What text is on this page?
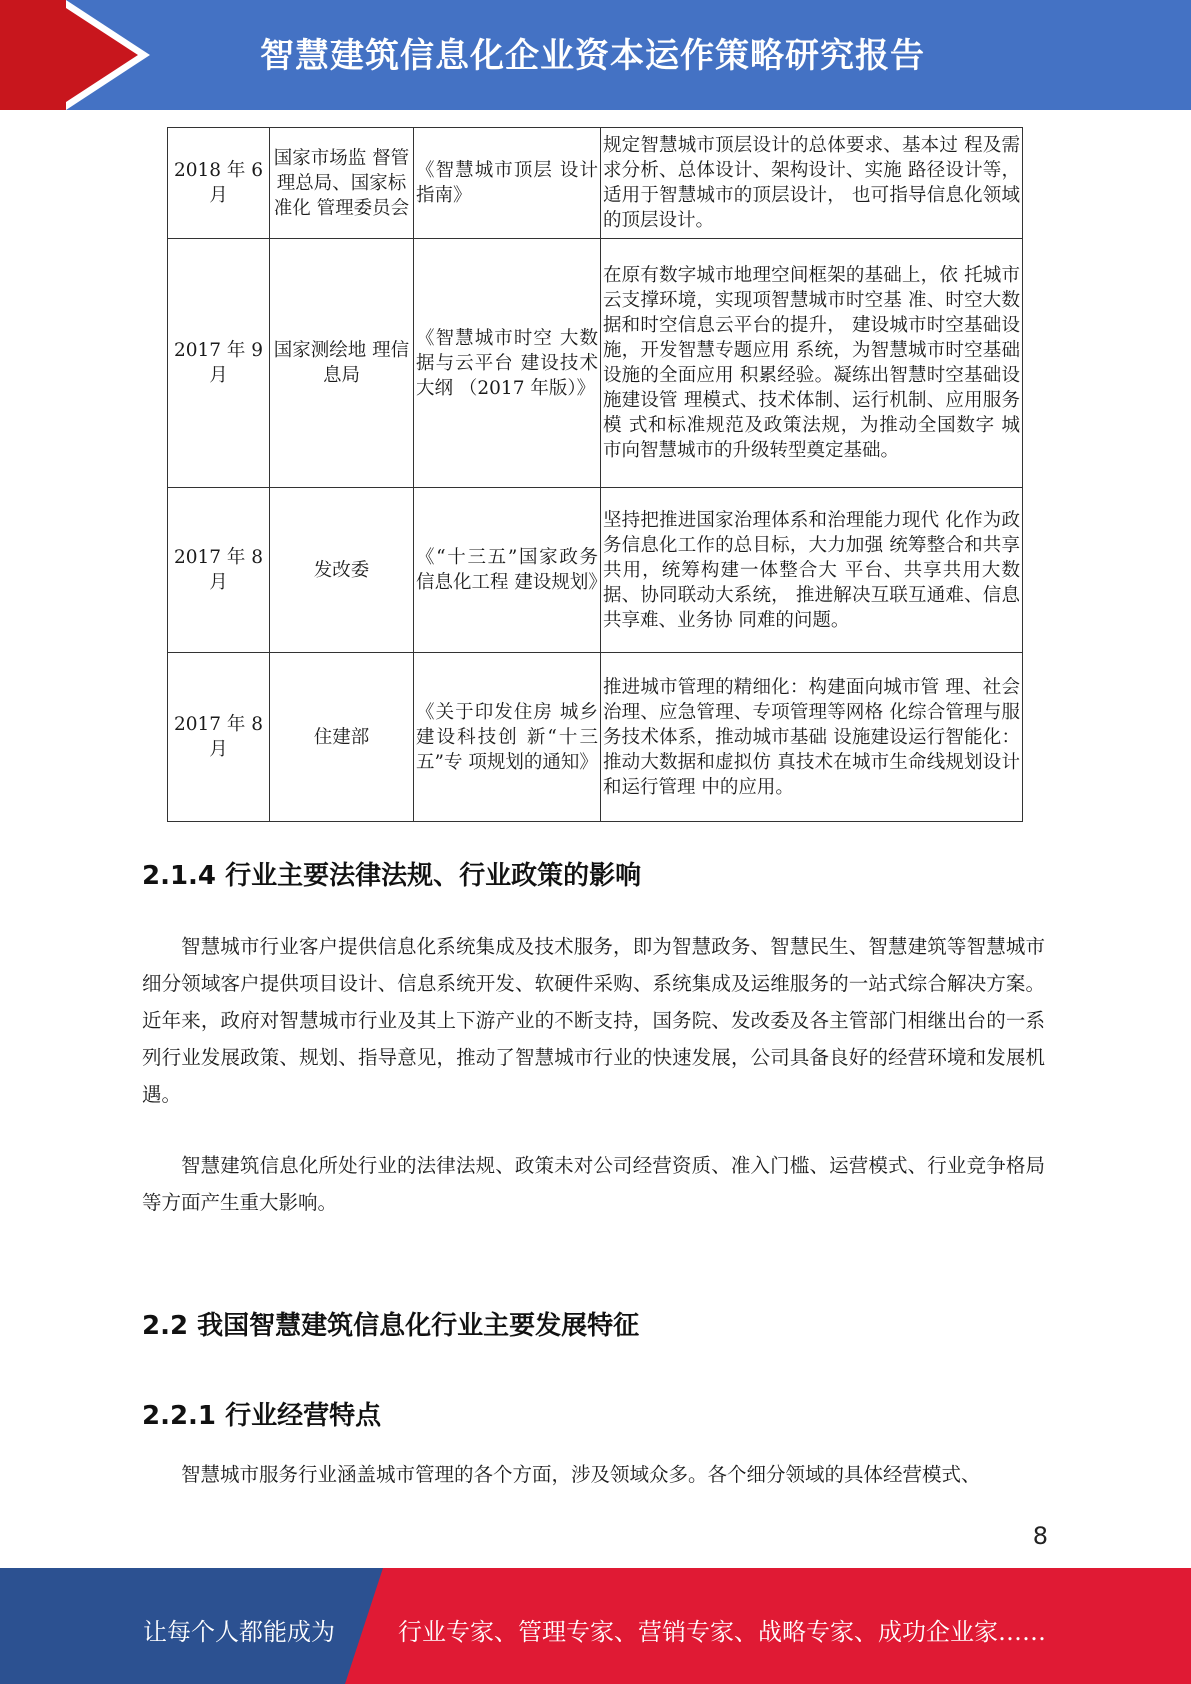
智慧建筑信息化企业资本运作策略研究报告
2018 年 6 月	国家市场监 督管理总局、国家标准化 管理委员会	《智慧城市顶层 设计指南》	规定智慧城市顶层设计的总体要求、基本过 程及需求分析、总体设计、架构设计、实施 路径设计等，适用于智慧城市的顶层设计， 也可指导信息化领域的顶层设计。
2017 年 9 月	国家测绘地 理信息局	《智慧城市时空 大数据与云平台 建设技术大纲 （2017 年版）》	在原有数字城市地理空间框架的基础上，依 托城市云支撑环境，实现项智慧城市时空基 准、时空大数据和时空信息云平台的提升， 建设城市时空基础设施，开发智慧专题应用 系统，为智慧城市时空基础设施的全面应用 积累经验。凝练出智慧时空基础设施建设管 理模式、技术体制、运行机制、应用服务模 式和标准规范及政策法规，为推动全国数字 城市向智慧城市的升级转型奠定基础。
2017 年 8 月	发改委	《“十三五”国家政务信息化工程 建设规划》	坚持把推进国家治理体系和治理能力现代 化作为政务信息化工作的总目标，大力加强 统筹整合和共享共用，统筹构建一体整合大 平台、共享共用大数据、协同联动大系统， 推进解决互联互通难、信息共享难、业务协 同难的问题。
2017 年 8 月	住建部	《关于印发住房 城乡建设科技创 新“十三五”专 项规划的通知》	推进城市管理的精细化：构建面向城市管 理、社会治理、应急管理、专项管理等网格 化综合管理与服务技术体系，推动城市基础 设施建设运行智能化：推动大数据和虚拟仿 真技术在城市生命线规划设计和运行管理 中的应用。
2.1.4 行业主要法律法规、行业政策的影响
智慧城市行业客户提供信息化系统集成及技术服务，即为智慧政务、智慧民生、智慧建筑等智慧城市细分领域客户提供项目设计、信息系统开发、软硬件采购、系统集成及运维服务的一站式综合解决方案。近年来，政府对智慧城市行业及其上下游产业的不断支持，国务院、发改委及各主管部门相继出台的一系列行业发展政策、规划、指导意见，推动了智慧城市行业的快速发展，公司具备良好的经营环境和发展机遇。
智慧建筑信息化所处行业的法律法规、政策未对公司经营资质、准入门槛、运营模式、行业竞争格局等方面产生重大影响。
2.2 我国智慧建筑信息化行业主要发展特征
2.2.1 行业经营特点
智慧城市服务行业涵盖城市管理的各个方面，涉及领域众多。各个细分领域的具体经营模式、
8
让每个人都能成为	行业专家、管理专家、营销专家、战略专家、成功企业家……
